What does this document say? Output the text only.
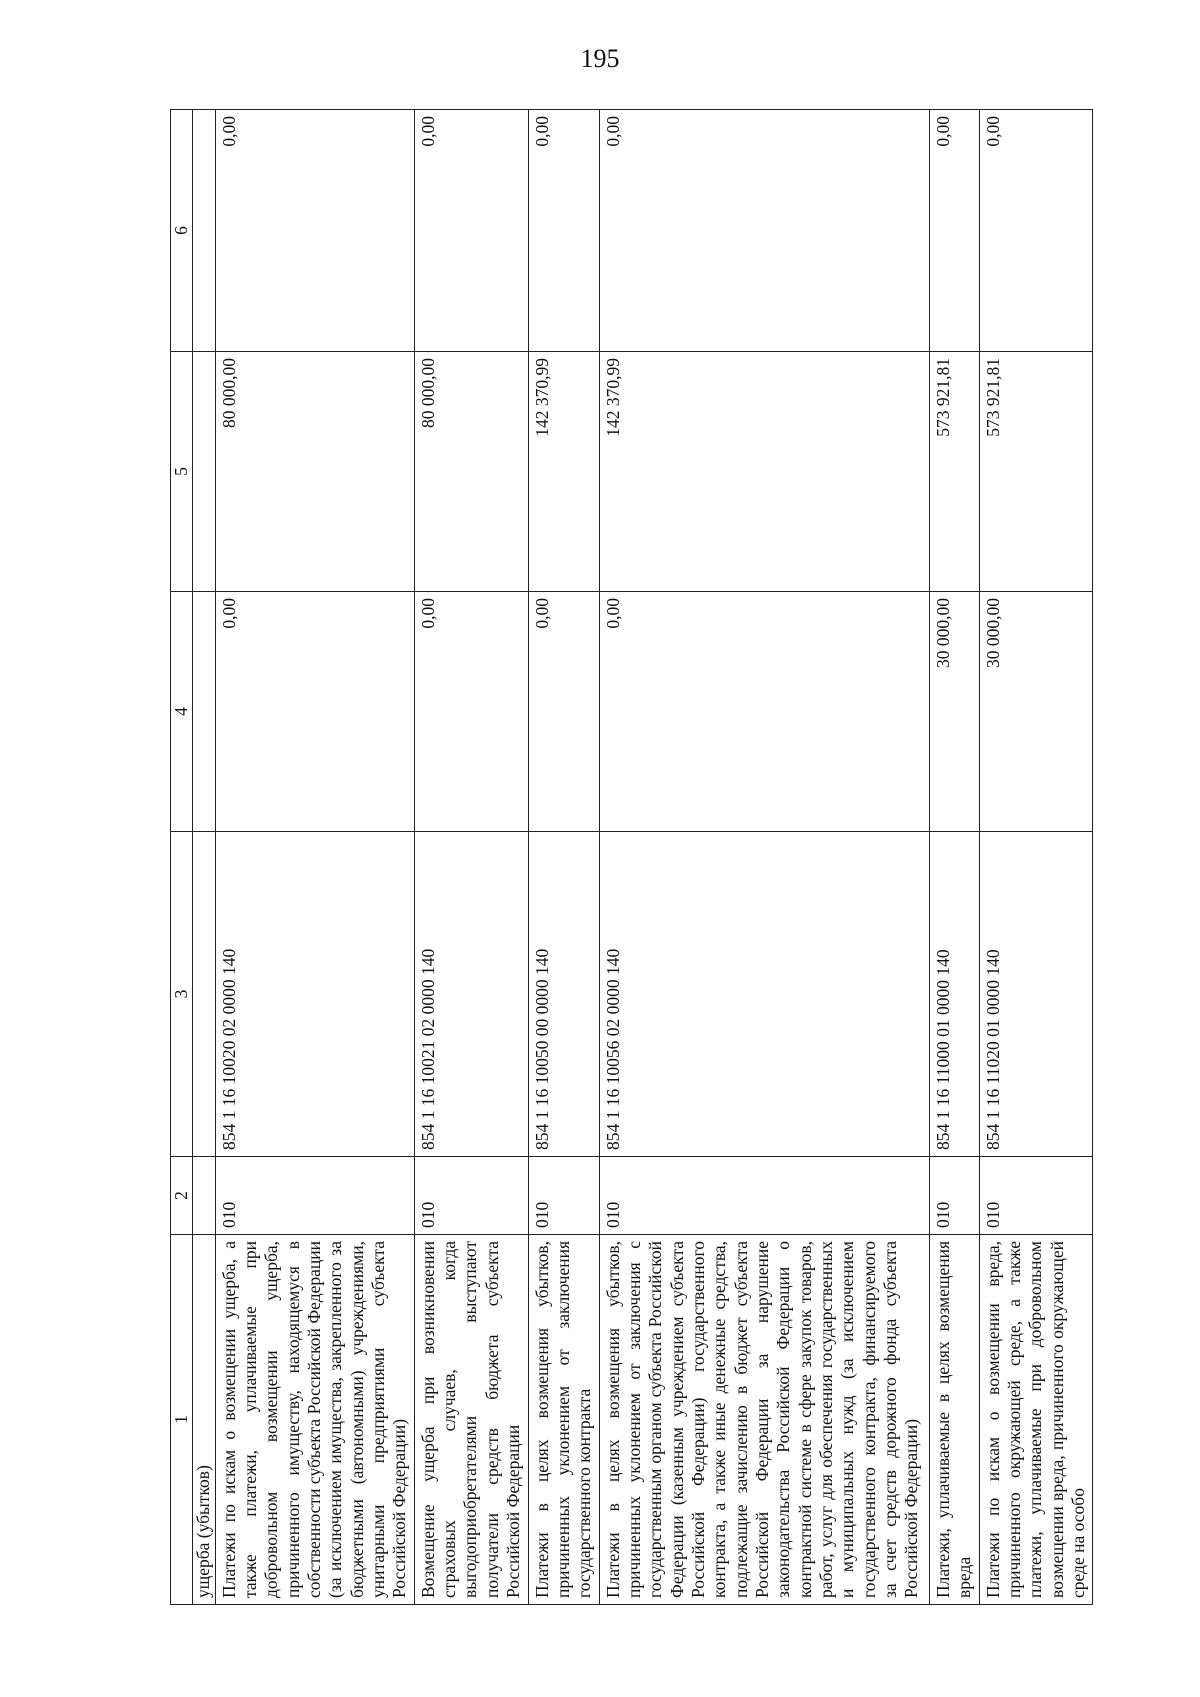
195
1	2	3	4	5	6
ущерба (убытков)					
Платежи по искам о возмещении ущерба, а также платежи, уплачиваемые при добровольном возмещении ущерба, причиненного имуществу, находящемуся в собственности субъекта Российской Федерации (за исключением имущества, закрепленного за бюджетными (автономными) учреждениями, унитарными предприятиями субъекта Российской Федерации)	010	854 1 16 10020 02 0000 140	0,00	80 000,00	0,00
Возмещение ущерба при возникновении страховых случаев, когда выгодоприобретателями выступают получатели средств бюджета субъекта Российской Федерации	010	854 1 16 10021 02 0000 140	0,00	80 000,00	0,00
Платежи в целях возмещения убытков, причиненных уклонением от заключения государственного контракта	010	854 1 16 10050 00 0000 140	0,00	142 370,99	0,00
Платежи в целях возмещения убытков, причиненных уклонением от заключения с государственным органом субъекта Российской Федерации (казенным учреждением субъекта Российской Федерации) государственного контракта, а также иные денежные средства, подлежащие зачислению в бюджет субъекта Российской Федерации за нарушение законодательства Российской Федерации о контрактной системе в сфере закупок товаров, работ, услуг для обеспечения государственных и муниципальных нужд (за исключением государственного контракта, финансируемого за счет средств дорожного фонда субъекта Российской Федерации)	010	854 1 16 10056 02 0000 140	0,00	142 370,99	0,00
Платежи, уплачиваемые в целях возмещения вреда	010	854 1 16 11000 01 0000 140	30 000,00	573 921,81	0,00
Платежи по искам о возмещении вреда, причиненного окружающей среде, а также платежи, уплачиваемые при добровольном возмещении вреда, причиненного окружающей среде на особо	010	854 1 16 11020 01 0000 140	30 000,00	573 921,81	0,00
